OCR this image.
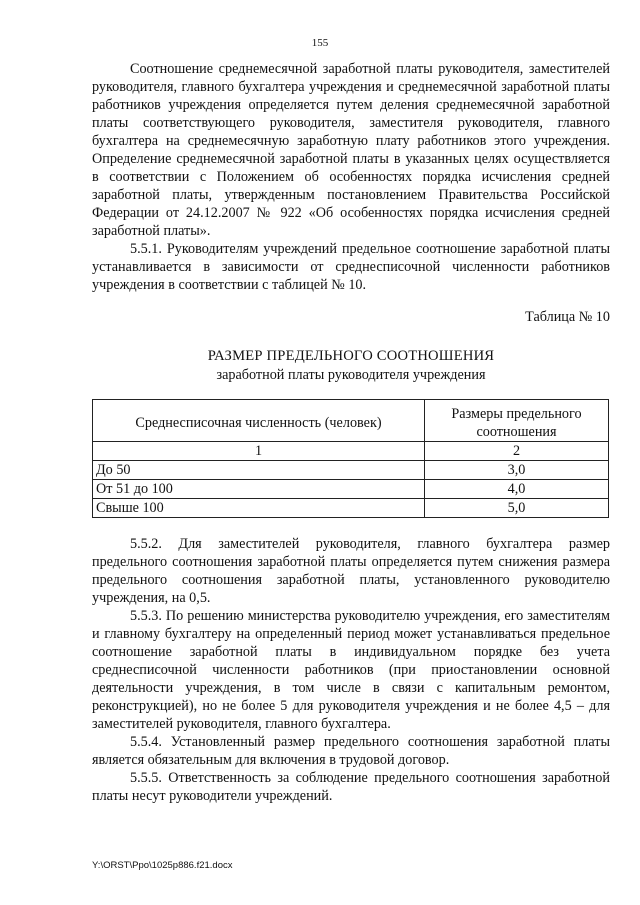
155

Соотношение среднемесячной заработной платы руководителя, заместителей руководителя, главного бухгалтера учреждения и среднемесячной заработной платы работников учреждения определяется путем деления среднемесячной заработной платы соответствующего руководителя, заместителя руководителя, главного бухгалтера на среднемесячную заработную плату работников этого учреждения. Определение среднемесячной заработной платы в указанных целях осуществляется в соответствии с Положением об особенностях порядка исчисления средней заработной платы, утвержденным постановлением Правительства Российской Федерации от 24.12.2007 № 922 «Об особенностях порядка исчисления средней заработной платы».

5.5.1. Руководителям учреждений предельное соотношение заработной платы устанавливается в зависимости от среднесписочной численности работников учреждения в соответствии с таблицей № 10.

Таблица № 10
РАЗМЕР ПРЕДЕЛЬНОГО СООТНОШЕНИЯ
заработной платы руководителя учреждения
Среднесписочная численность (человек)	Размеры предельного соотношения
1	2
До 50	3,0
От 51 до 100	4,0
Свыше 100	5,0

5.5.2. Для заместителей руководителя, главного бухгалтера размер предельного соотношения заработной платы определяется путем снижения размера предельного соотношения заработной платы, установленного руководителю учреждения, на 0,5.

5.5.3. По решению министерства руководителю учреждения, его заместителям и главному бухгалтеру на определенный период может устанавливаться предельное соотношение заработной платы в индивидуальном порядке без учета среднесписочной численности работников (при приостановлении основной деятельности учреждения, в том числе в связи с капитальным ремонтом, реконструкцией), но не более 5 для руководителя учреждения и не более 4,5 – для заместителей руководителя, главного бухгалтера.

5.5.4. Установленный размер предельного соотношения заработной платы является обязательным для включения в трудовой договор.

5.5.5. Ответственность за соблюдение предельного соотношения заработной платы несут руководители учреждений.

Y:\ORST\Ppo\1025p886.f21.docx
